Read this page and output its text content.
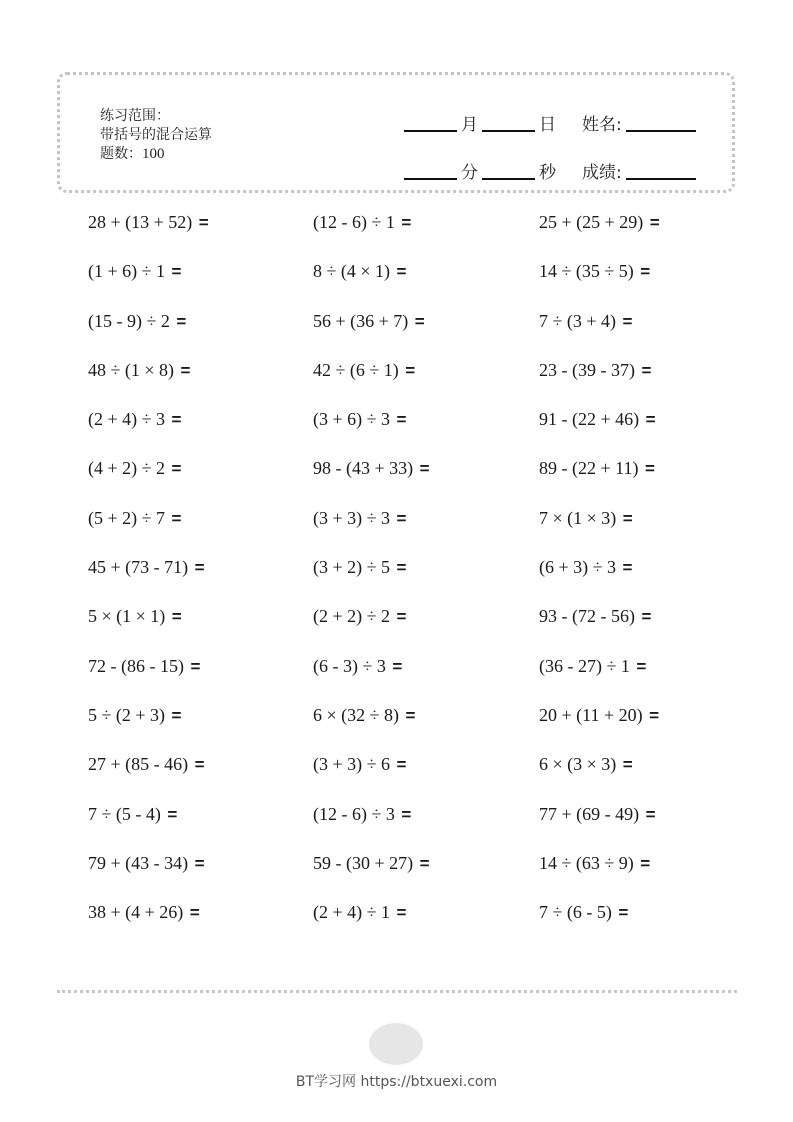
练习范围：
带括号的混合运算
题数：100
月	日 姓名:
分	秒 成绩:
28 + (13 + 52) =	(12 - 6) ÷ 1 =	25 + (25 + 29) =
(1 + 6) ÷ 1 =	8 ÷ (4 × 1) =	14 ÷ (35 ÷ 5) =
(15 - 9) ÷ 2 =	56 + (36 + 7) =	7 ÷ (3 + 4) =
48 ÷ (1 × 8) =	42 ÷ (6 ÷ 1) =	23 - (39 - 37) =
(2 + 4) ÷ 3 =	(3 + 6) ÷ 3 =	91 - (22 + 46) =
(4 + 2) ÷ 2 =	98 - (43 + 33) =	89 - (22 + 11) =
(5 + 2) ÷ 7 =	(3 + 3) ÷ 3 =	7 × (1 × 3) =
45 + (73 - 71) =	(3 + 2) ÷ 5 =	(6 + 3) ÷ 3 =
5 × (1 × 1) =	(2 + 2) ÷ 2 =	93 - (72 - 56) =
72 - (86 - 15) =	(6 - 3) ÷ 3 =	(36 - 27) ÷ 1 =
5 ÷ (2 + 3) =	6 × (32 ÷ 8) =	20 + (11 + 20) =
27 + (85 - 46) =	(3 + 3) ÷ 6 =	6 × (3 × 3) =
7 ÷ (5 - 4) =	(12 - 6) ÷ 3 =	77 + (69 - 49) =
79 + (43 - 34) =	59 - (30 + 27) =	14 ÷ (63 ÷ 9) =
38 + (4 + 26) =	(2 + 4) ÷ 1 =	7 ÷ (6 - 5) =
BT学习网 https://btxuexi.com
